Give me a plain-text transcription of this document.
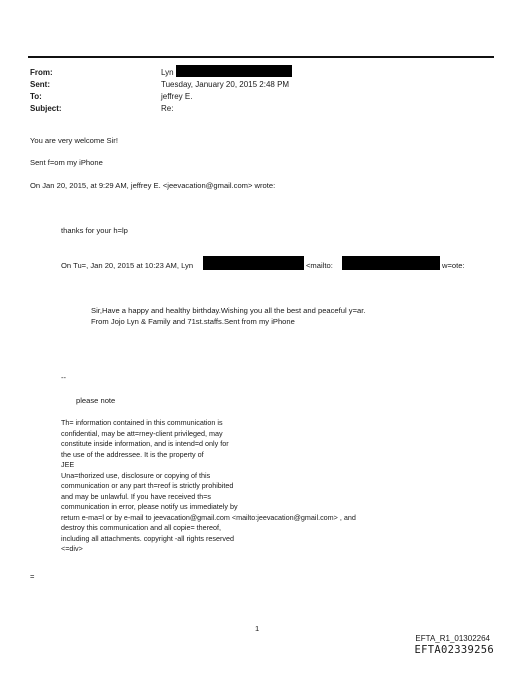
From:	Lyn
Sent:	Tuesday, January 20, 2015 2:48 PM
To:	jeffrey E.
Subject:	Re:
You are very welcome Sir!
Sent f=om my iPhone
On Jan 20, 2015, at 9:29 AM, jeffrey E. <jeevacation@gmail.com> wrote:
thanks for your h=lp
On Tu=, Jan 20, 2015 at 10:23 AM, Lyn	<mailto:	w=ote:
Sir,Have a happy and healthy birthday.Wishing you all the best and peaceful y=ar.
From Jojo Lyn & Family and 71st.staffs.Sent from my iPhone
--
please note
Th= information contained in this communication is
confidential, may be att=rney-client privileged, may
constitute inside information, and is intend=d only for
the use of the addressee. It is the property of
JEE
Una=thorized use, disclosure or copying of this
communication or any part th=reof is strictly prohibited
and may be unlawful. If you have received th=s
communication in error, please notify us immediately by
return e-ma=l or by e-mail to jeevacation@gmail.com <mailto:jeevacation@gmail.com> , and
destroy this communication and all copie= thereof,
including all attachments. copyright -all rights reserved
<=div>
=
1
EFTA_R1_01302264
EFTA02339256
